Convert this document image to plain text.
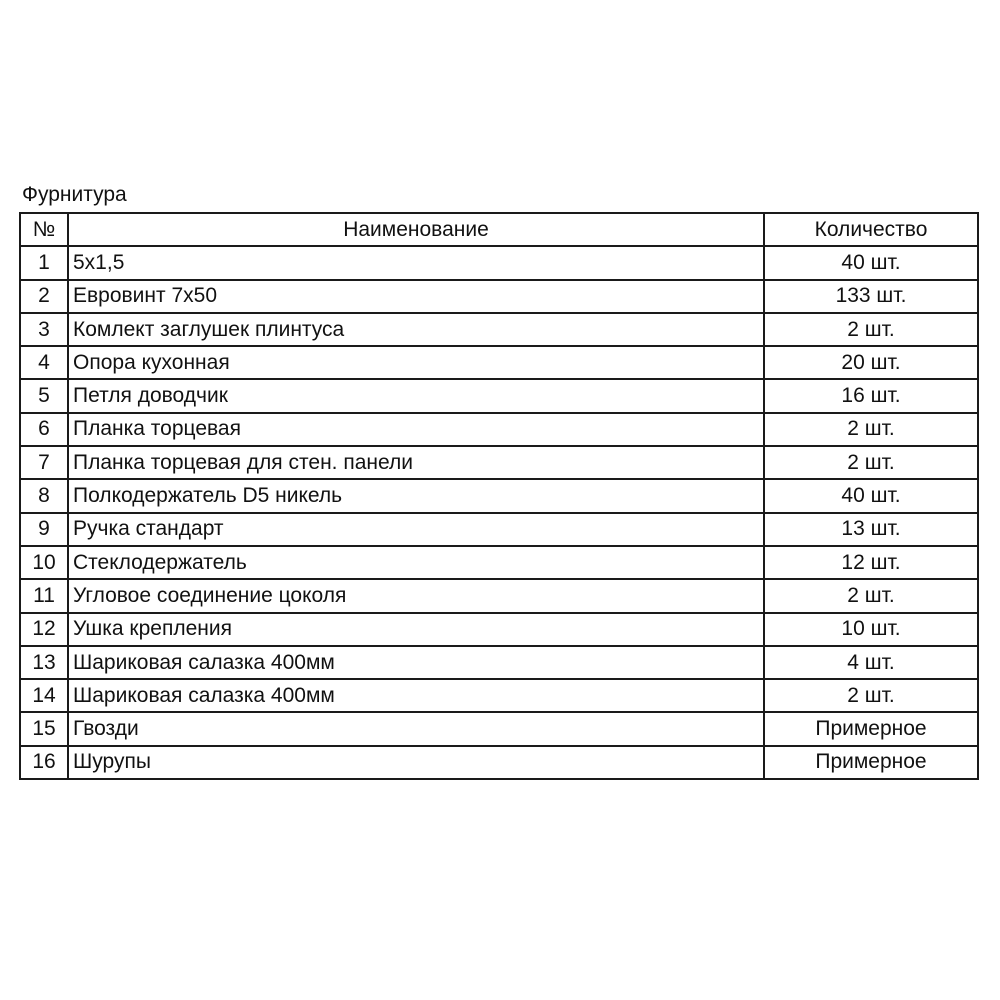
Фурнитура
№	Наименование	Количество
1	5x1,5	40 шт.
2	Евровинт 7x50	133 шт.
3	Комлект заглушек плинтуса	2 шт.
4	Опора кухонная	20 шт.
5	Петля доводчик	16 шт.
6	Планка торцевая	2 шт.
7	Планка торцевая для стен. панели	2 шт.
8	Полкодержатель D5 никель	40 шт.
9	Ручка стандарт	13 шт.
10	Стеклодержатель	12 шт.
11	Угловое соединение цоколя	2 шт.
12	Ушка крепления	10 шт.
13	Шариковая салазка 400мм	4 шт.
14	Шариковая салазка 400мм	2 шт.
15	Гвозди	Примерное
16	Шурупы	Примерное
